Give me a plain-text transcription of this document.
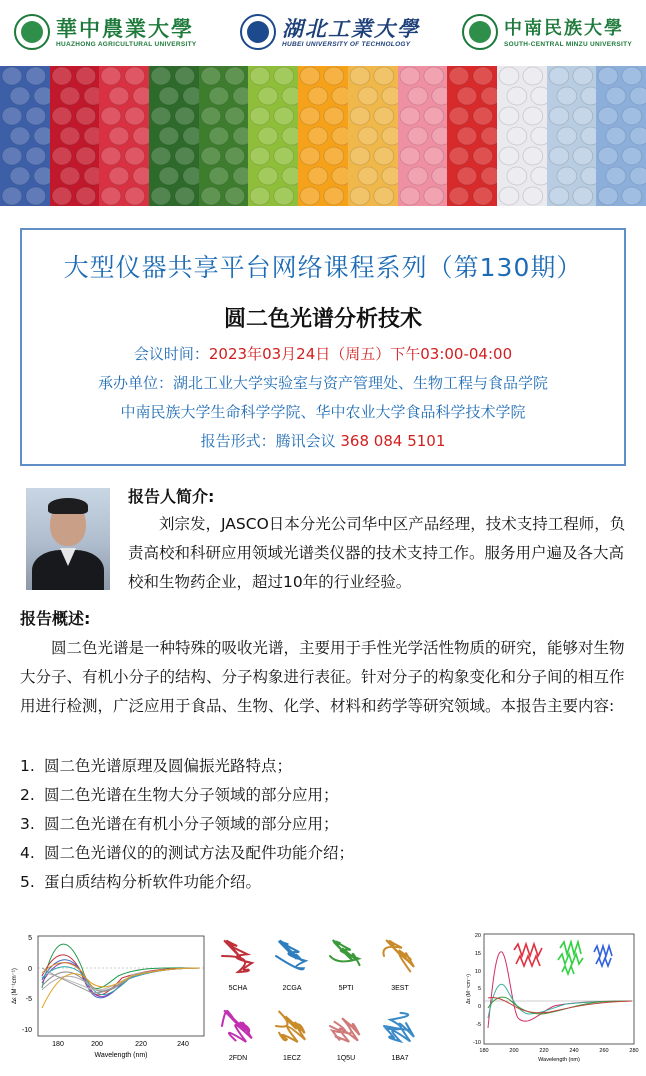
華中農業大學
HUAZHONG AGRICULTURAL UNIVERSITY
湖北工業大學
HUBEI UNIVERSITY OF TECHNOLOGY
中南民族大學
SOUTH-CENTRAL MINZU UNIVERSITY
大型仪器共享平台网络课程系列（第130期）
圆二色光谱分析技术
会议时间：2023年03月24日（周五）下午03:00-04:00
承办单位：湖北工业大学实验室与资产管理处、生物工程与食品学院
中南民族大学生命科学学院、华中农业大学食品科学技术学院
报告形式：腾讯会议 368 084 5101
报告人简介:
刘宗发，JASCO日本分光公司华中区产品经理，技术支持工程师，负责高校和科研应用领域光谱类仪器的技术支持工作。服务用户遍及各大高校和生物药企业，超过10年的行业经验。
报告概述:
圆二色光谱是一种特殊的吸收光谱，主要用于手性光学活性物质的研究，能够对生物大分子、有机小分子的结构、分子构象进行表征。针对分子的构象变化和分子间的相互作用进行检测，广泛应用于食品、生物、化学、材料和药学等研究领域。本报告主要内容:
1. 圆二色光谱原理及圆偏振光路特点；
2. 圆二色光谱在生物大分子领域的部分应用；
3. 圆二色光谱在有机小分子领域的部分应用；
4. 圆二色光谱仪的的测试方法及配件功能介绍；
5. 蛋白质结构分析软件功能介绍。
5
0
-5
-10
180	200	220	240
Wavelength (nm)
Δε (M⁻¹cm⁻¹)	5CHA	2CGA	5PTI	3EST
2FDN	1ECZ	1Q5U	1BA7
20
15
10
5
0
-5
-10
180	200	220	240	260	280
Wavelength (nm)
Δε (M⁻¹cm⁻¹)
